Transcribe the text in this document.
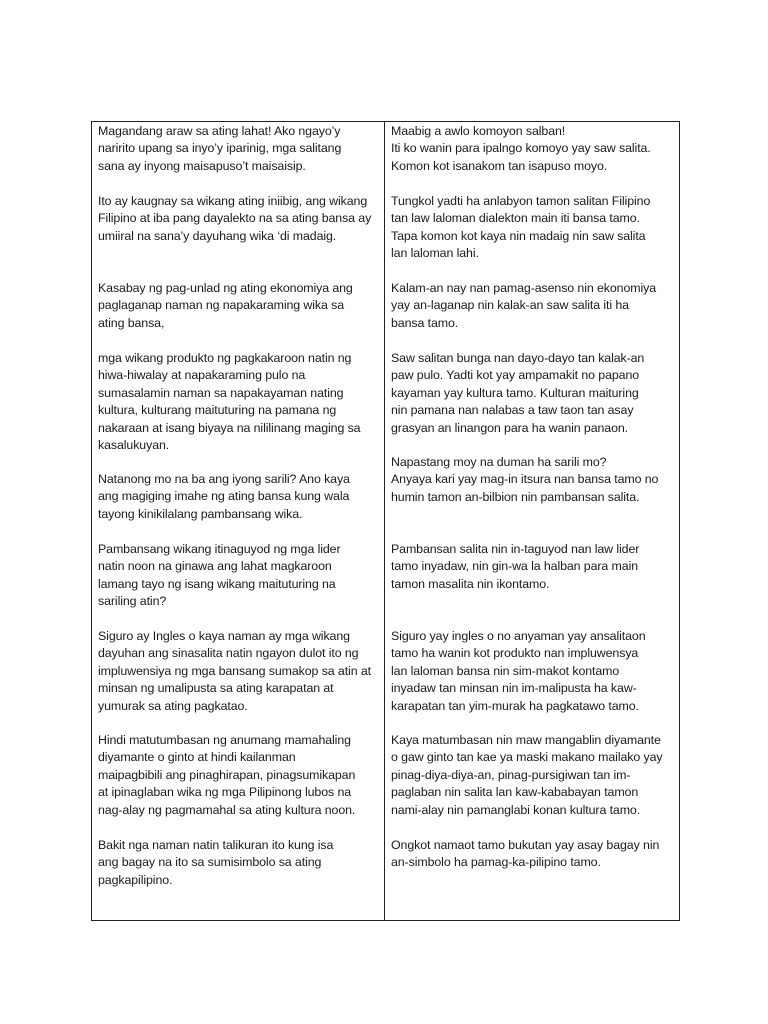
Magandang araw sa ating lahat! Ako ngayo’y
naririto upang sa inyo’y iparinig, mga salitang
sana ay inyong maisapuso’t maisaisip.

Ito ay kaugnay sa wikang ating iniibig, ang wikang
Filipino at iba pang dayalekto na sa ating bansa ay
umiiral na sana’y dayuhang wika ‘di madaig.

Kasabay ng pag-unlad ng ating ekonomiya ang
paglaganap naman ng napakaraming wika sa
ating bansa,

mga wikang produkto ng pagkakaroon natin ng
hiwa-hiwalay at napakaraming pulo na
sumasalamin naman sa napakayaman nating
kultura, kulturang maituturing na pamana ng
nakaraan at isang biyaya na nililinang maging sa
kasalukuyan.

Natanong mo na ba ang iyong sarili? Ano kaya
ang magiging imahe ng ating bansa kung wala
tayong kinikilalang pambansang wika.

Pambansang wikang itinaguyod ng mga lider
natin noon na ginawa ang lahat magkaroon
lamang tayo ng isang wikang maituturing na
sariling atin?

Siguro ay Ingles o kaya naman ay mga wikang
dayuhan ang sinasalita natin ngayon dulot ito ng
impluwensiya ng mga bansang sumakop sa atin at
minsan ng umalipusta sa ating karapatan at
yumurak sa ating pagkatao.

Hindi matutumbasan ng anumang mamahaling
diyamante o ginto at hindi kailanman
maipagbibili ang pinaghirapan, pinagsumikapan
at ipinaglaban wika ng mga Pilipinong lubos na
nag-alay ng pagmamahal sa ating kultura noon.

Bakit nga naman natin talikuran ito kung isa
ang bagay na ito sa sumisimbolo sa ating
pagkapilipino.

Maabig a awlo komoyon salban!
Iti ko wanin para ipalngo komoyo yay saw salita.
Komon kot isanakom tan isapuso moyo.

Tungkol yadti ha anlabyon tamon salitan Filipino
tan law laloman dialekton main iti bansa tamo.
Tapa komon kot kaya nin madaig nin saw salita
lan laloman lahi.

Kalam-an nay nan pamag-asenso nin ekonomiya
yay an-laganap nin kalak-an saw salita iti ha
bansa tamo.

Saw salitan bunga nan dayo-dayo tan kalak-an
paw pulo. Yadti kot yay ampamakit no papano
kayaman yay kultura tamo. Kulturan maituring
nin pamana nan nalabas a taw taon tan asay
grasyan an linangon para ha wanin panaon.

Napastang moy na duman ha sarili mo?
Anyaya kari yay mag-in itsura nan bansa tamo no
humin tamon an-bilbion nin pambansan salita.

Pambansan salita nin in-taguyod nan law lider
tamo inyadaw, nin gin-wa la halban para main
tamon masalita nin ikontamo.

Siguro yay ingles o no anyaman yay ansalitaon
tamo ha wanin kot produkto nan impluwensya
lan laloman bansa nin sim-makot kontamo
inyadaw tan minsan nin im-malipusta ha kaw-
karapatan tan yim-murak ha pagkatawo tamo.

Kaya matumbasan nin maw mangablin diyamante
o gaw ginto tan kae ya maski makano mailako yay
pinag-diya-diya-an, pinag-pursigiwan tan im-
paglaban nin salita lan kaw-kababayan tamon
nami-alay nin pamanglabi konan kultura tamo.

Ongkot namaot tamo bukutan yay asay bagay nin
an-simbolo ha pamag-ka-pilipino tamo.
